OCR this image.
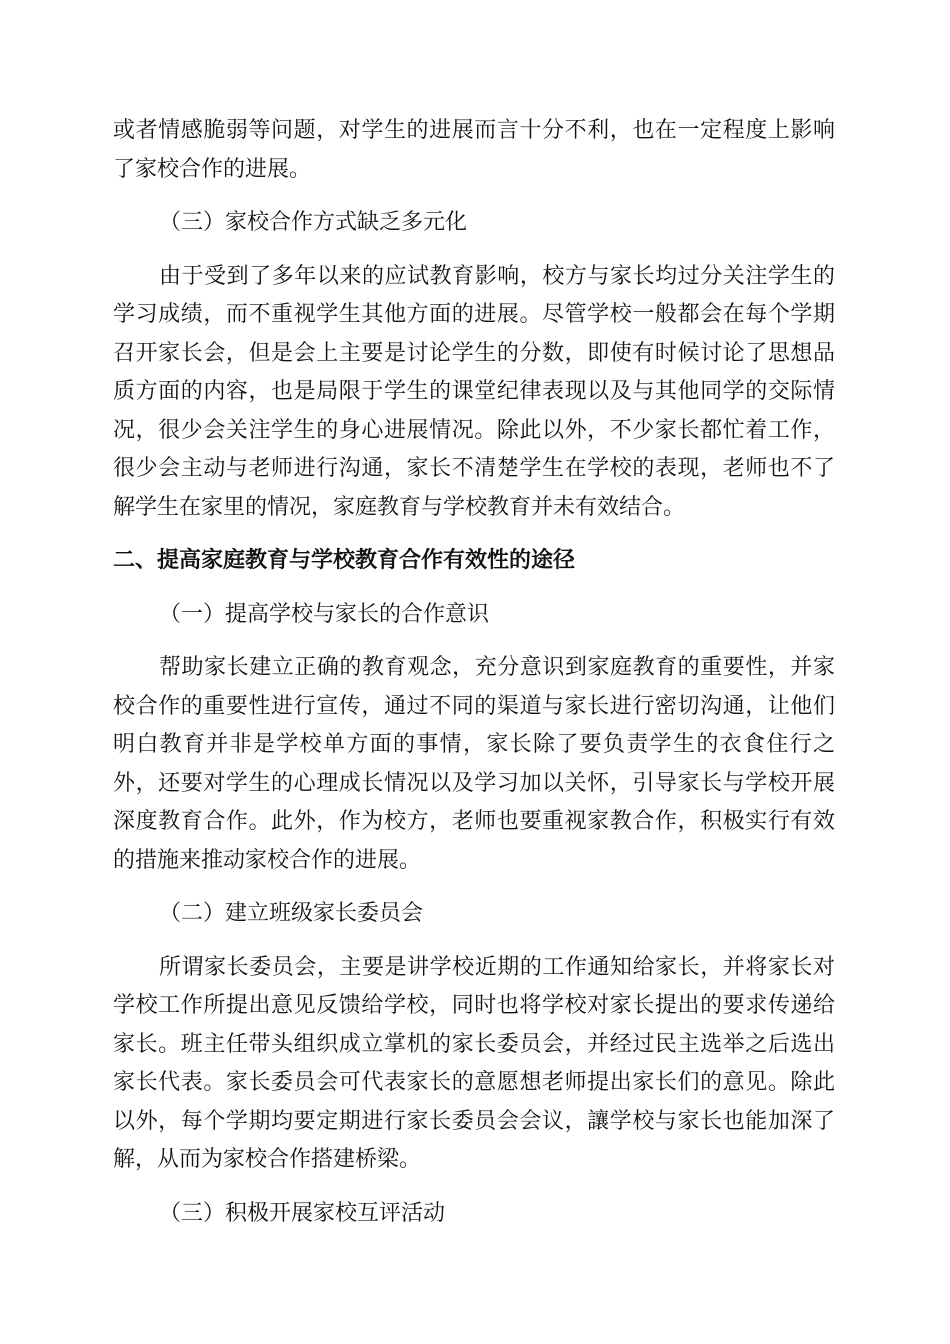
或者情感脆弱等问题，对学生的进展而言十分不利，也在一定程度上影响了家校合作的进展。

（三）家校合作方式缺乏多元化

由于受到了多年以来的应试教育影响，校方与家长均过分关注学生的学习成绩，而不重视学生其他方面的进展。尽管学校一般都会在每个学期召开家长会，但是会上主要是讨论学生的分数，即使有时候讨论了思想品质方面的内容，也是局限于学生的课堂纪律表现以及与其他同学的交际情况，很少会关注学生的身心进展情况。除此以外，不少家长都忙着工作，很少会主动与老师进行沟通，家长不清楚学生在学校的表现，老师也不了解学生在家里的情况，家庭教育与学校教育并未有效结合。

二、提高家庭教育与学校教育合作有效性的途径

（一）提高学校与家长的合作意识

帮助家长建立正确的教育观念，充分意识到家庭教育的重要性，并家校合作的重要性进行宣传，通过不同的渠道与家长进行密切沟通，让他们明白教育并非是学校单方面的事情，家长除了要负责学生的衣食住行之外，还要对学生的心理成长情况以及学习加以关怀，引导家长与学校开展深度教育合作。此外，作为校方，老师也要重视家教合作，积极实行有效的措施来推动家校合作的进展。

（二）建立班级家长委员会

所谓家长委员会，主要是讲学校近期的工作通知给家长，并将家长对学校工作所提出意见反馈给学校，同时也将学校对家长提出的要求传递给家长。班主任带头组织成立掌机的家长委员会，并经过民主选举之后选出家长代表。家长委员会可代表家长的意愿想老师提出家长们的意见。除此以外，每个学期均要定期进行家长委员会会议，讓学校与家长也能加深了解，从而为家校合作搭建桥梁。

（三）积极开展家校互评活动
